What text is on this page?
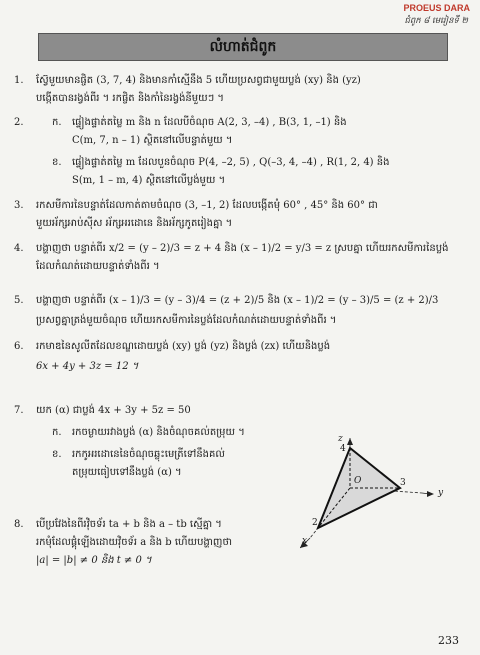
PROEUS DARA
ជំពូក ៨ មេរៀនទី ២
លំហាត់ជំពូក
1. ស្វ៊ែមួយមានផ្ចិត (3, 7, 4) និងមានកាំស្មើនឹង 5 ហើយប្រសព្វជាមួយប្លង់ (xy) និង (yz)
បង្កើតបានរង្វង់ពីរ ។ រកផ្ចិត និងកាំនៃរង្វង់នីមួយៗ ។
2.	ក. ផ្ទៀងផ្ទាត់តម្លៃ m និង n ដែលបីចំណុច A(2, 3, –4) , B(3, 1, –1) និង
C(m, 7, n – 1) ស្ថិតនៅលើបន្ទាត់មួយ ។
ខ. ផ្ទៀងផ្ទាត់តម្លៃ m ដែលបួនចំណុច P(4, –2, 5) , Q(–3, 4, –4) , R(1, 2, 4) និង
S(m, 1 – m, 4) ស្ថិតនៅលើប្លង់មួយ ។
3. រកសមីការនៃបន្ទាត់ដែលកាត់តាមចំណុច (3, –1, 2) ដែលបង្កើតមុំ 60° , 45° និង 60° ជា
មួយអ័ក្សអាប់ស៊ីស អ័ក្សអរដោនេ និងអ័ក្សកូតរៀងគ្នា ។
4. បង្ហាញថា បន្ទាត់ពីរ x/2 = (y – 2)/3 = z + 4 និង (x – 1)/2 = y/3 = z ស្របគ្នា ហើយរកសមីការនៃប្លង់
ដែលកំណត់ដោយបន្ទាត់ទាំងពីរ ។
5. បង្ហាញថា បន្ទាត់ពីរ (x – 1)/3 = (y – 3)/4 = (z + 2)/5 និង (x – 1)/2 = (y – 3)/5 = (z + 2)/3
ប្រសព្វគ្នាត្រង់មួយចំណុច ហើយរកសមីការនៃប្លង់ដែលកំណត់ដោយបន្ទាត់ទាំងពីរ ។
6. រកមាឌនៃសូលីតដែលខណ្ឌដោយប្លង់ (xy) ប្លង់ (yz) និងប្លង់ (zx) ហើយនិងប្លង់
6x + 4y + 3z = 12 ។
7. យក (α) ជាប្លង់ 4x + 3y + 5z = 50
ក. រកចម្ងាយរវាងប្លង់ (α) និងចំណុចគល់តម្រុយ ។
ខ. រកកូអរដោនេនៃចំណុចឆ្លុះមេត្រីទៅនឹងគល់
តម្រុយធៀបទៅនឹងប្លង់ (α) ។
8. បើប្រវែងនៃពីរវ៉ិចទ័រ ta + b និង a – tb ស្មើគ្នា ។
រកមុំដែលផ្គុំឡើងដោយវ៉ិចទ័រ a និង b ហើយបង្ហាញថា
|a| = |b| ≠ 0 និង t ≠ 0 ។
z
4
O	3
y
2
x
233
